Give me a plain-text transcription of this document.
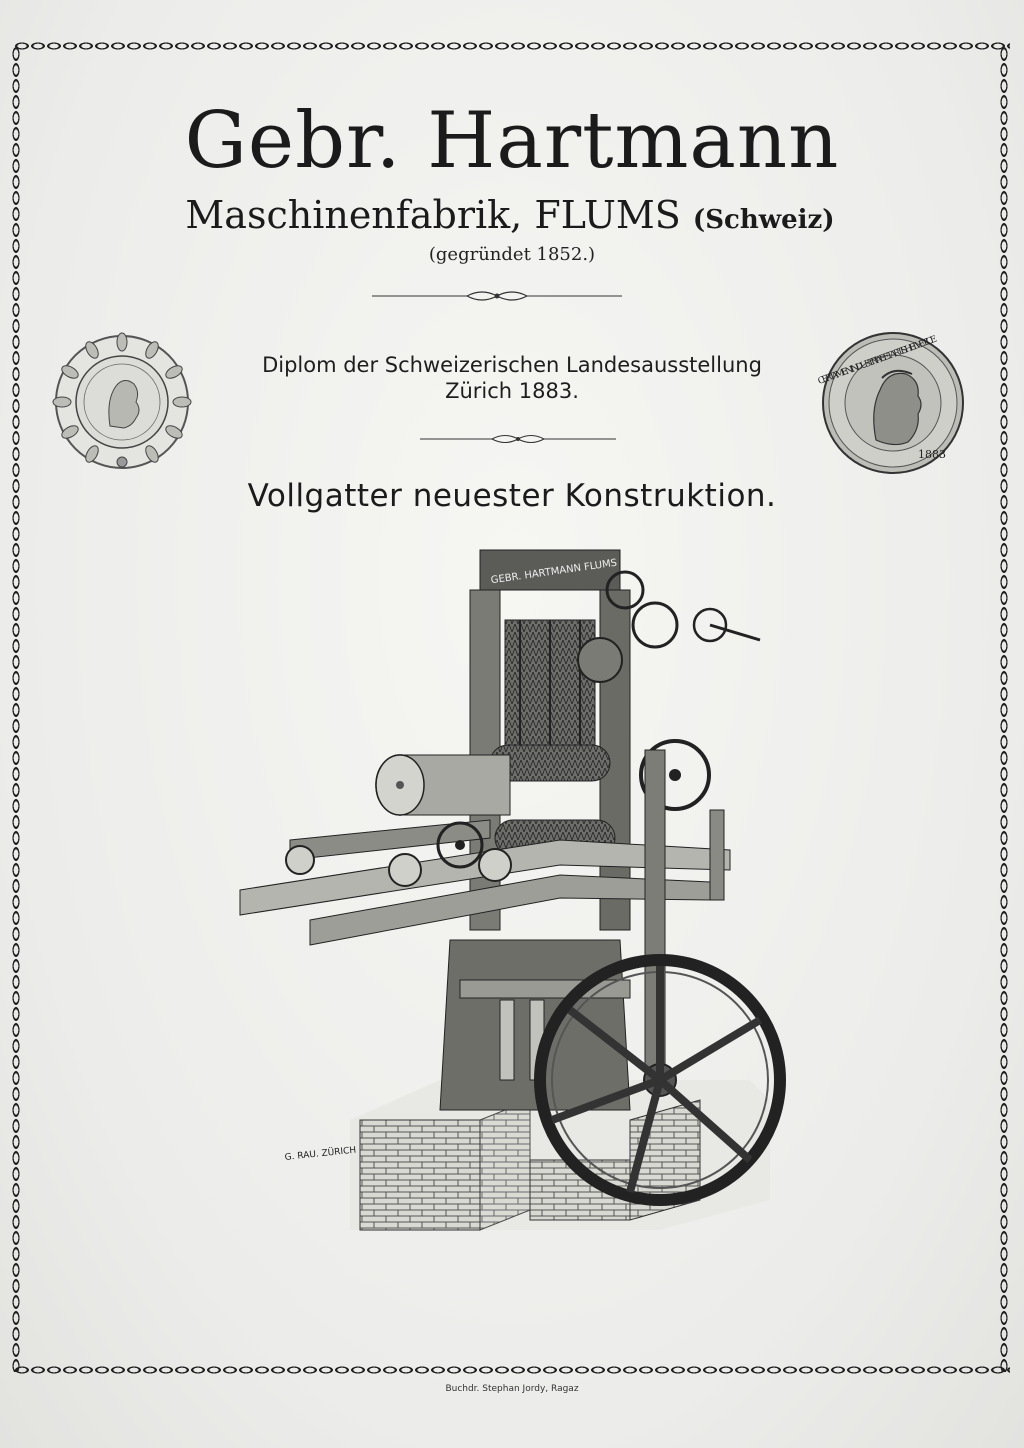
Gebr. Hartmann
Maschinenfabrik, FLUMS (Schweiz)
(gegründet 1852.)
Diplom der Schweizerischen Landesausstellung
Zürich 1883.	CERTAMEN INDUSTRIAE ET ARTIS HELVETICE
1883
Vollgatter neuester Konstruktion.
GEBR. HARTMANN FLUMS
G. RAU. ZÜRICH
Buchdr. Stephan Jordy, Ragaz
